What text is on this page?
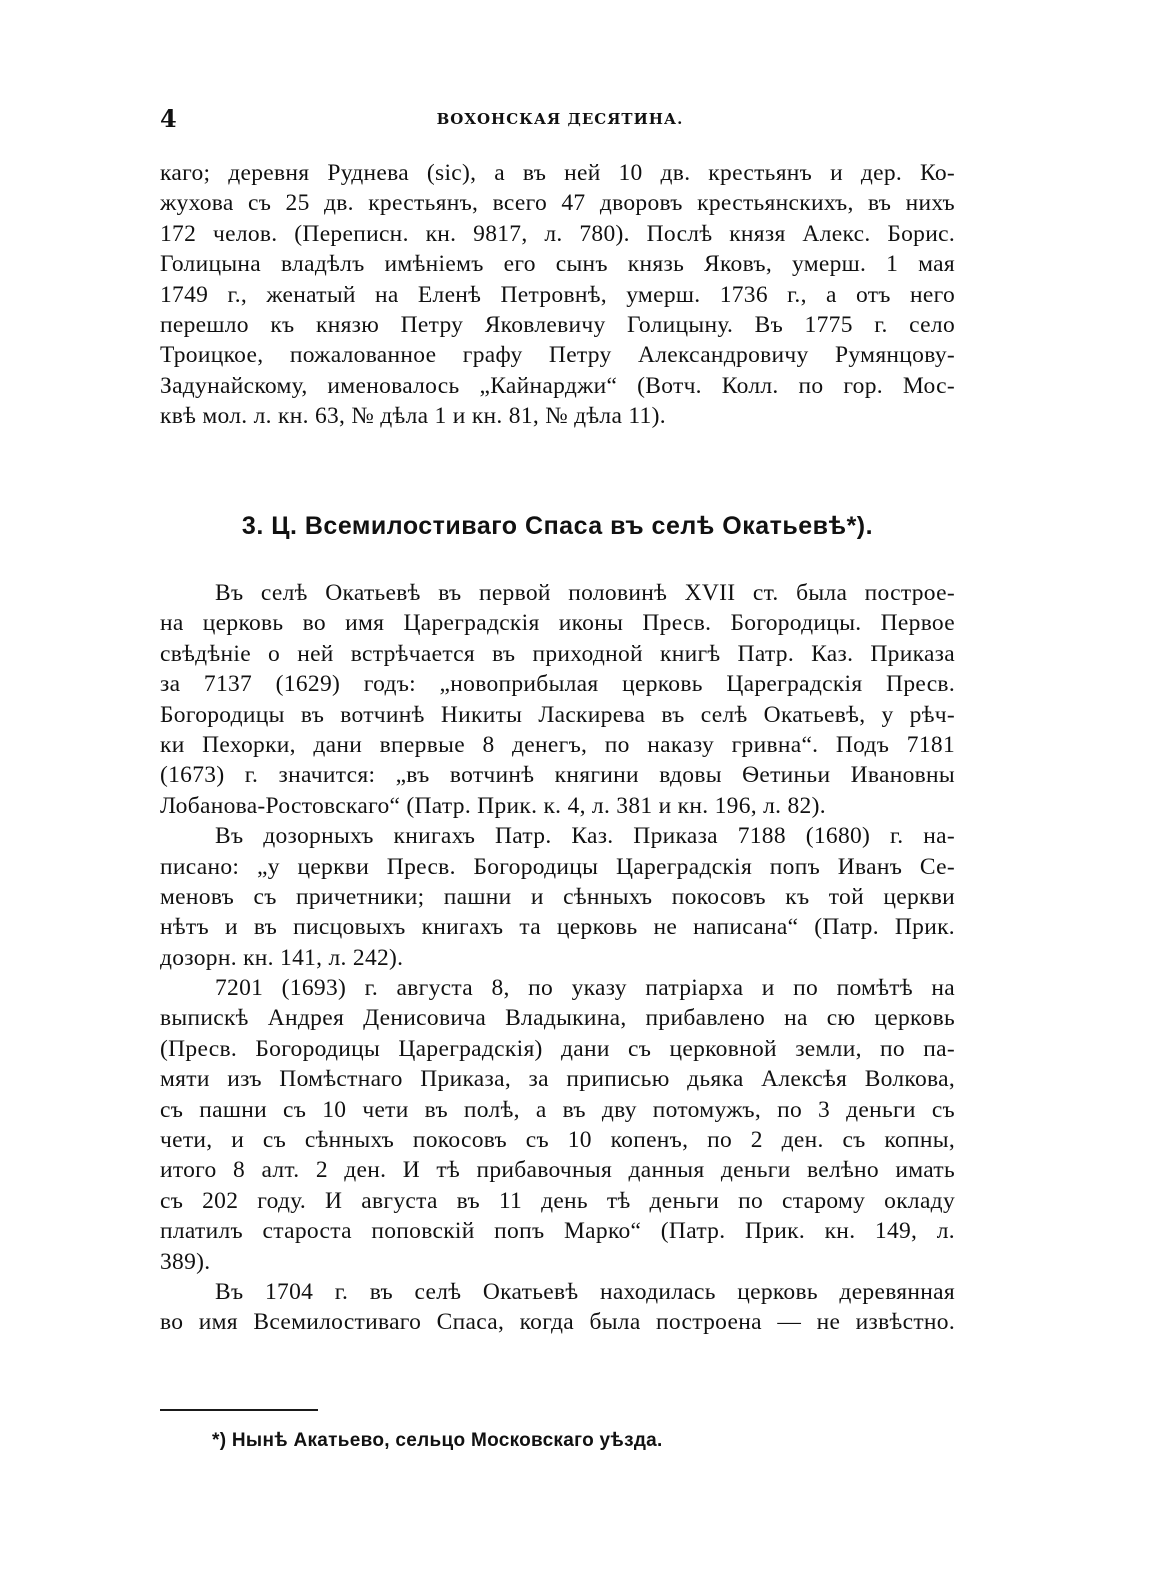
4	ВОХОНСКАЯ ДЕСЯТИНА.
каго; деревня Руднева (sic), а въ ней 10 дв. крестьянъ и дер. Ко-
жухова съ 25 дв. крестьянъ, всего 47 дворовъ крестьянскихъ, въ нихъ
172 челов. (Переписн. кн. 9817, л. 780). Послѣ князя Алекс. Борис.
Голицына владѣлъ имѣніемъ его сынъ князь Яковъ, умерш. 1 мая
1749 г., женатый на Еленѣ Петровнѣ, умерш. 1736 г., а отъ него
перешло къ князю Петру Яковлевичу Голицыну. Въ 1775 г. село
Троицкое, пожалованное графу Петру Александровичу Румянцову-
Задунайскому, именовалось „Кайнарджи“ (Вотч. Колл. по гор. Мос-
квѣ мол. л. кн. 63, № дѣла 1 и кн. 81, № дѣла 11).
3. Ц. Всемилостиваго Спаса въ селѣ Окатьевѣ*).
Въ селѣ Окатьевѣ въ первой половинѣ XVII ст. была построе-
на церковь во имя Цареградскія иконы Пресв. Богородицы. Первое
свѣдѣніе о ней встрѣчается въ приходной книгѣ Патр. Каз. Приказа
за 7137 (1629) годъ: „новоприбылая церковь Цареградскія Пресв.
Богородицы въ вотчинѣ Никиты Ласкирева въ селѣ Окатьевѣ, у рѣч-
ки Пехорки, дани впервые 8 денегъ, по наказу гривна“. Подъ 7181
(1673) г. значится: „въ вотчинѣ княгини вдовы Ѳетиньи Ивановны
Лобанова-Ростовскаго“ (Патр. Прик. к. 4, л. 381 и кн. 196, л. 82).
Въ дозорныхъ книгахъ Патр. Каз. Приказа 7188 (1680) г. на-
писано: „у церкви Пресв. Богородицы Цареградскія попъ Иванъ Се-
меновъ съ причетники; пашни и сѣнныхъ покосовъ къ той церкви
нѣтъ и въ писцовыхъ книгахъ та церковь не написана“ (Патр. Прик.
дозорн. кн. 141, л. 242).
7201 (1693) г. августа 8, по указу патріарха и по помѣтѣ на
выпискѣ Андрея Денисовича Владыкина, прибавлено на сю церковь
(Пресв. Богородицы Цареградскія) дани съ церковной земли, по па-
мяти изъ Помѣстнаго Приказа, за приписью дьяка Алексѣя Волкова,
съ пашни съ 10 чети въ полѣ, а въ дву потомужъ, по 3 деньги съ
чети, и съ сѣнныхъ покосовъ съ 10 копенъ, по 2 ден. съ копны,
итого 8 алт. 2 ден. И тѣ прибавочныя данныя деньги велѣно имать
съ 202 году. И августа въ 11 день тѣ деньги по старому окладу
платилъ староста поповскій попъ Марко“ (Патр. Прик. кн. 149, л.
389).
Въ 1704 г. въ селѣ Окатьевѣ находилась церковь деревянная
во имя Всемилостиваго Спаса, когда была построена — не извѣстно.
*) Нынѣ Акатьево, сельцо Московскаго уѣзда.
